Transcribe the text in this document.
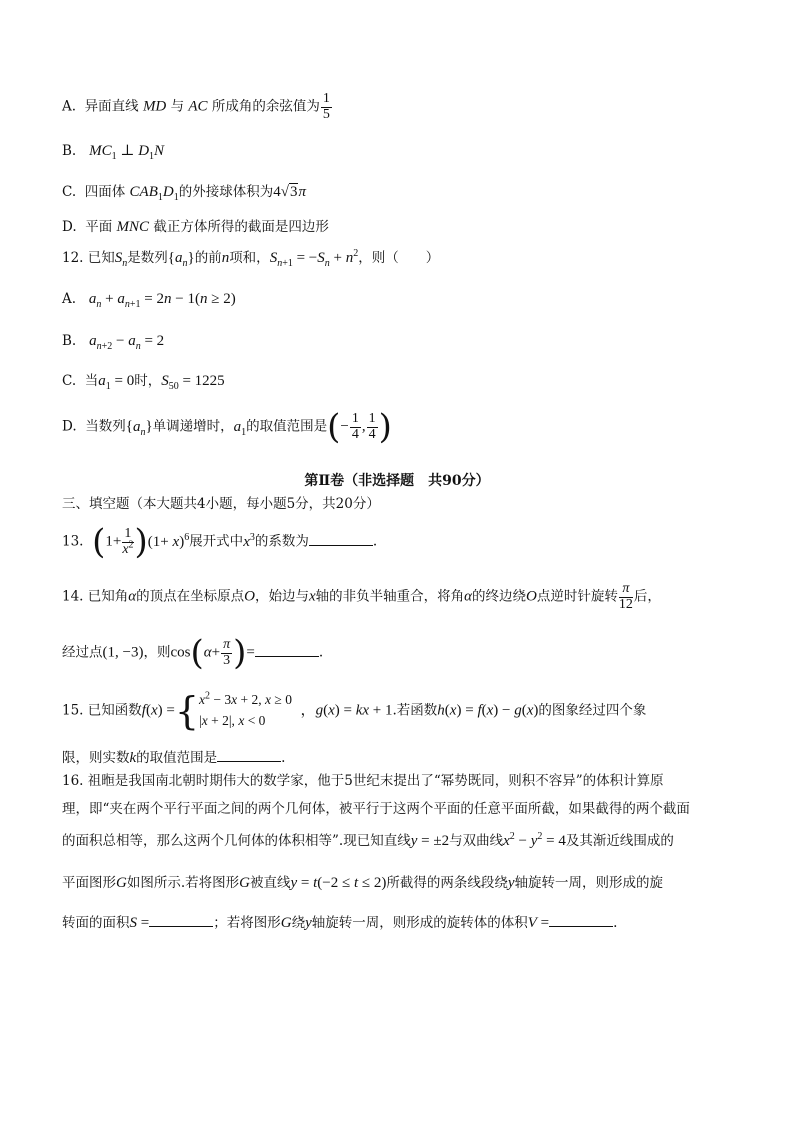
A. 异面直线 MD 与 AC 所成角的余弦值为 $\frac{1}{5}$
B. $MC_1$ ⊥ $D_1N$
C. 四面体 $CAB_1D_1$的外接球体积为4√3π
D. 平面 MNC 截正方体所得的截面是四边形
12. 已知$S_n$是数列$\{a_n\}$的前n项和，$S_{n+1} = -S_n + n^2$，则（　　）
A. $a_n + a_{n+1} = 2n - 1(n \ge 2)$
B. $a_{n+2} - a_n = 2$
C. 当$a_1 = 0$时，$S_{50} = 1225$
D. 当数列$\{a_n\}$单调递增时，$a_1$的取值范围是(− $\frac{1}{4}$ , $\frac{1}{4}$ )
第Ⅱ卷（非选择题　共90分）
三、填空题（本大题共4小题，每小题5分，共20分）
13. $(1+ \frac{1}{x^2} )(1+ x)^6$展开式中$x^3$的系数为	.
14. 已知角α的顶点在坐标原点O，始边与x轴的非负半轴重合，将角α的终边绕O点逆时针旋转 $\frac{\pi}{12}$ 后，
经过点(1, −3)，则$\cos(\alpha+ \frac{\pi}{3}$ )=	.
15. 已知函数f(x) ={ $x^2 - 3x + 2$, x ≥ 0
|x + 2|, x < 0
，g(x) = kx + 1.若函数h(x) = f(x) − g(x)的图象经过四个象
限，则实数k的取值范围是	.
16. 祖暅是我国南北朝时期伟大的数学家，他于5世纪末提出了“幂势既同，则积不容异”的体积计算原
理，即“夹在两个平行平面之间的两个几何体，被平行于这两个平面的任意平面所截，如果截得的两个截面
的面积总相等，那么这两个几何体的体积相等”.现已知直线y = ±2与双曲线$x^2 - y^2 = 4$及其渐近线围成的
平面图形G如图所示.若将图形G被直线y = t(−2 ≤ t ≤ 2)所截得的两条线段绕y轴旋转一周，则形成的旋
转面的面积S =	；若将图形G绕y轴旋转一周，则形成的旋转体的体积V =	.
